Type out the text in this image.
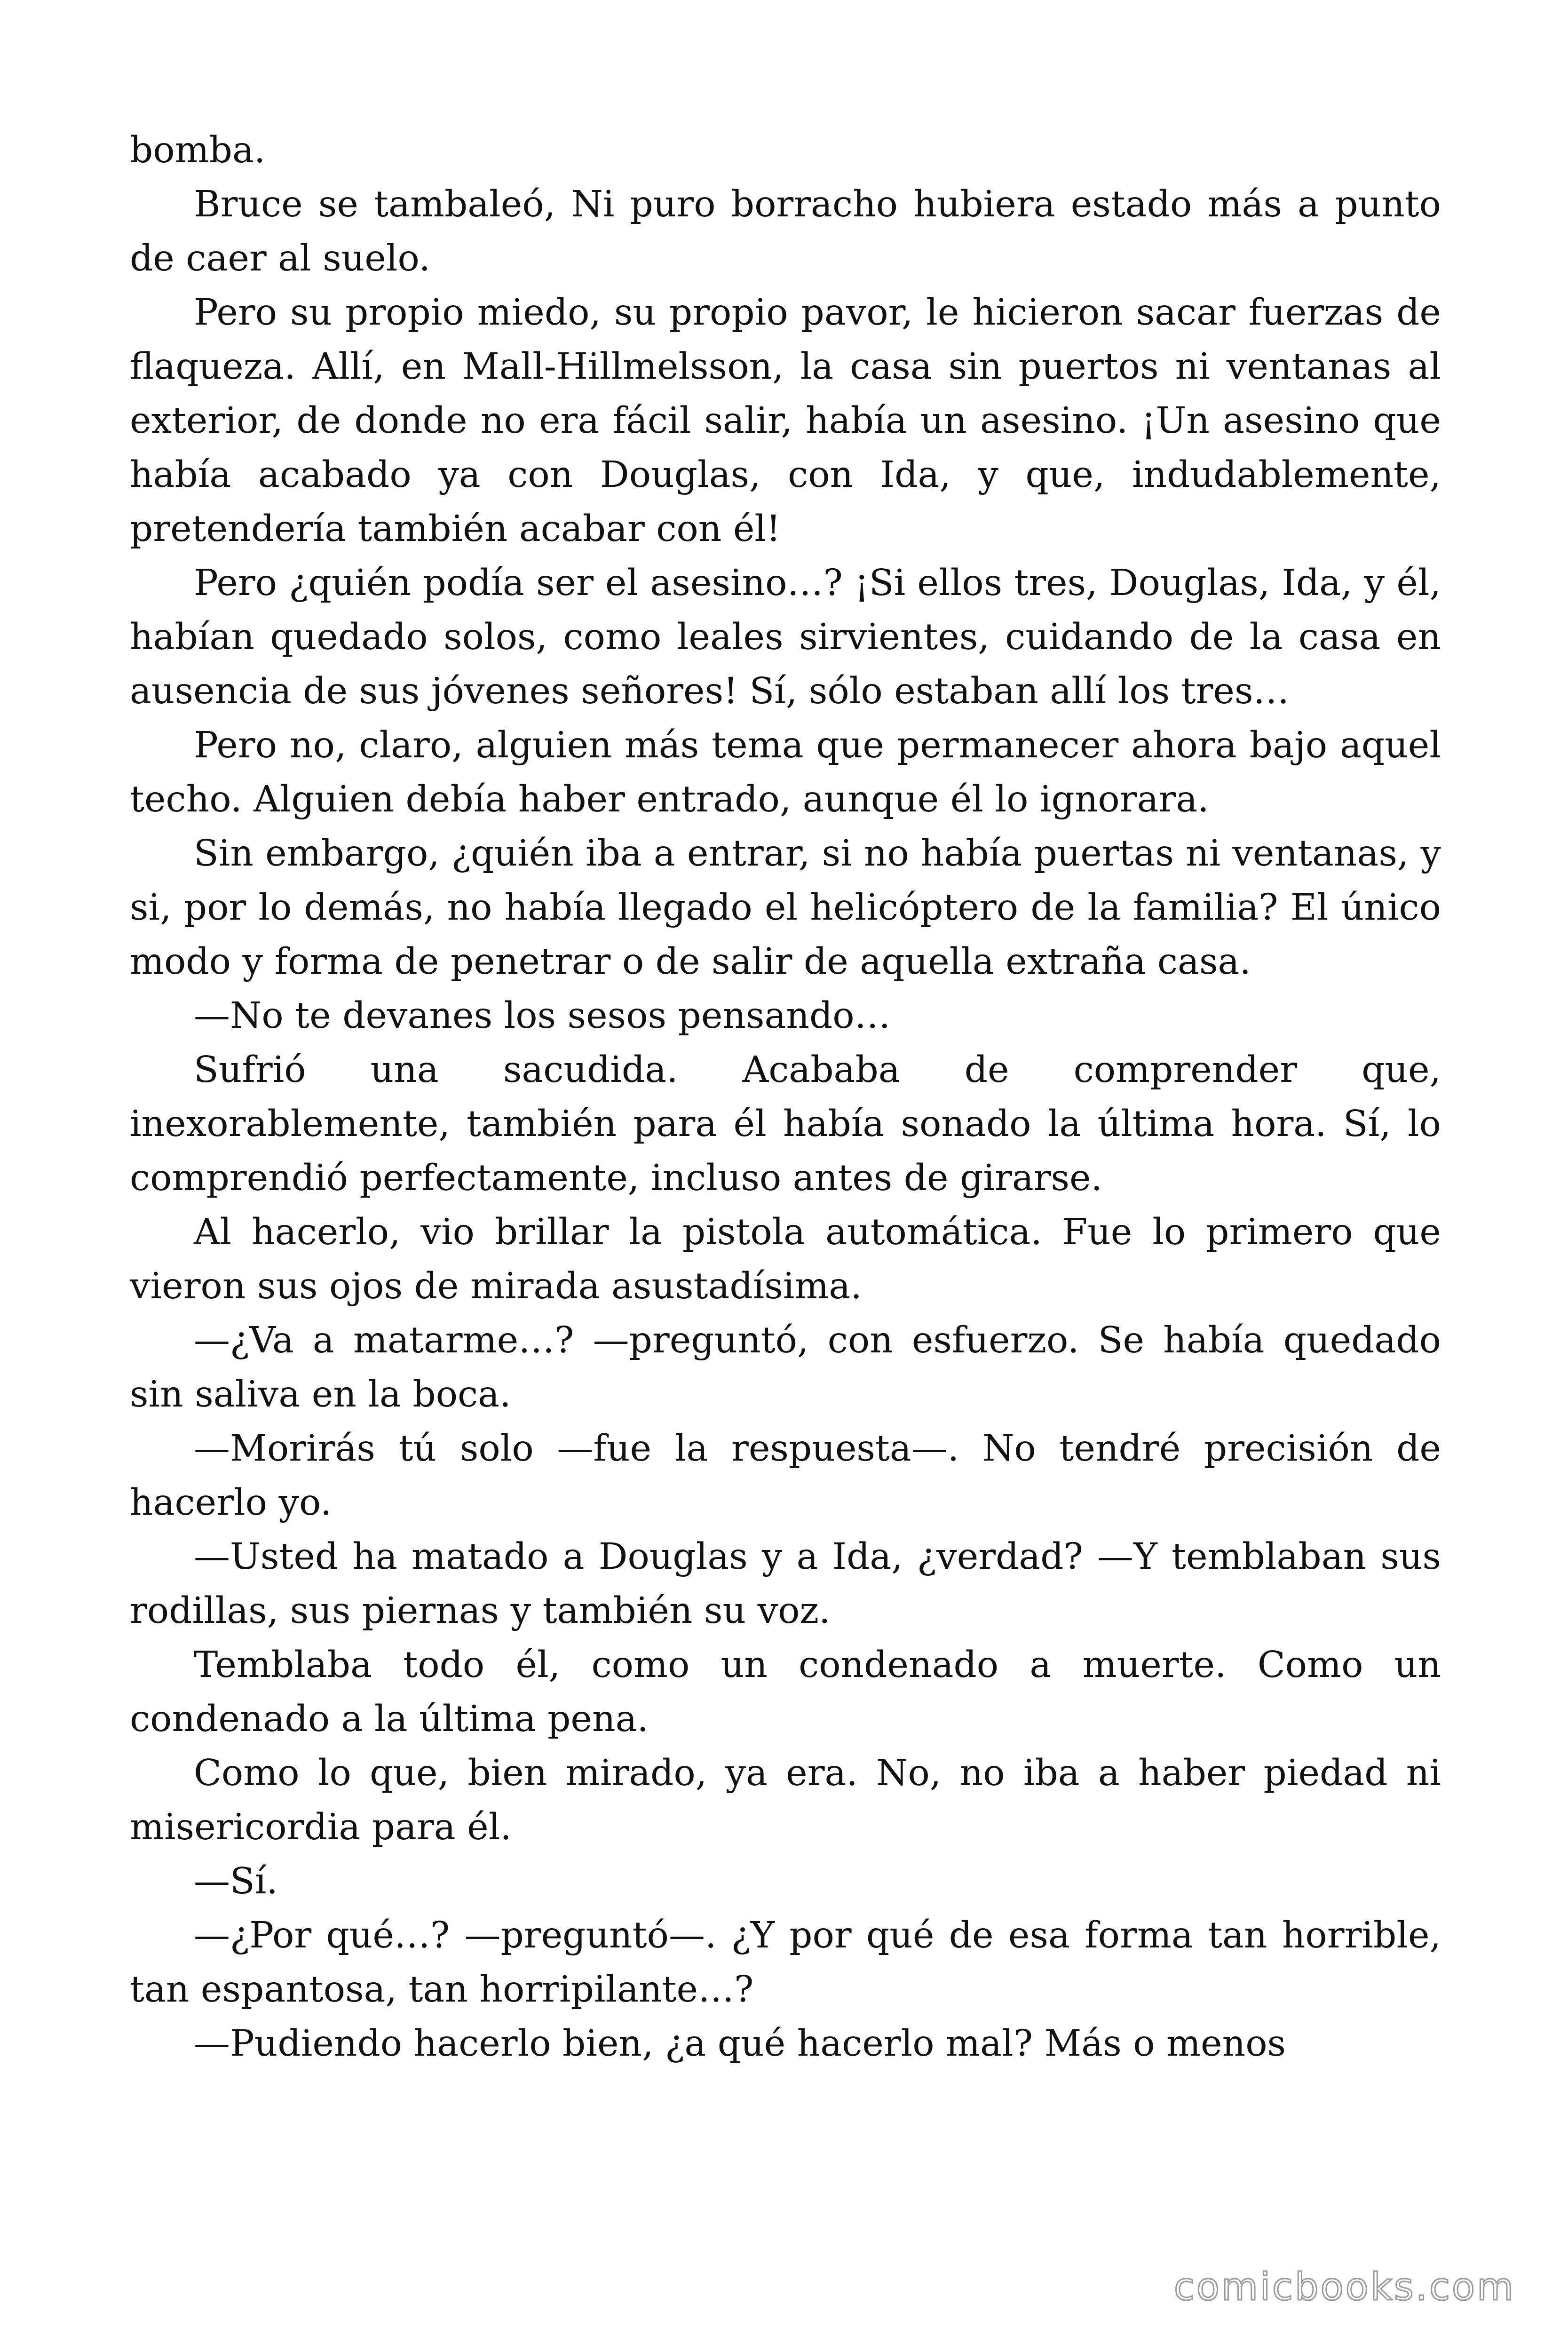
bomba.

Bruce se tambaleó, Ni puro borracho hubiera estado más a punto de caer al suelo.

Pero su propio miedo, su propio pavor, le hicieron sacar fuerzas de flaqueza. Allí, en Mall-Hillmelsson, la casa sin puertos ni ventanas al exterior, de donde no era fácil salir, había un asesino. ¡Un asesino que había acabado ya con Douglas, con Ida, y que, indudablemente, pretendería también acabar con él!

Pero ¿quién podía ser el asesino…? ¡Si ellos tres, Douglas, Ida, y él, habían quedado solos, como leales sirvientes, cuidando de la casa en ausencia de sus jóvenes señores! Sí, sólo estaban allí los tres…

Pero no, claro, alguien más tema que permanecer ahora bajo aquel techo. Alguien debía haber entrado, aunque él lo ignorara.

Sin embargo, ¿quién iba a entrar, si no había puertas ni ventanas, y si, por lo demás, no había llegado el helicóptero de la familia? El único modo y forma de penetrar o de salir de aquella extraña casa.

—No te devanes los sesos pensando…

Sufrió una sacudida. Acababa de comprender que, inexorablemente, también para él había sonado la última hora. Sí, lo comprendió perfectamente, incluso antes de girarse.

Al hacerlo, vio brillar la pistola automática. Fue lo primero que vieron sus ojos de mirada asustadísima.

—¿Va a matarme…? —preguntó, con esfuerzo. Se había quedado sin saliva en la boca.

—Morirás tú solo —fue la respuesta—. No tendré precisión de hacerlo yo.

—Usted ha matado a Douglas y a Ida, ¿verdad? —Y temblaban sus rodillas, sus piernas y también su voz.

Temblaba todo él, como un condenado a muerte. Como un condenado a la última pena.

Como lo que, bien mirado, ya era. No, no iba a haber piedad ni misericordia para él.

—Sí.

—¿Por qué…? —preguntó—. ¿Y por qué de esa forma tan horrible, tan espantosa, tan horripilante…?

—Pudiendo hacerlo bien, ¿a qué hacerlo mal? Más o menos

comicbooks.com
